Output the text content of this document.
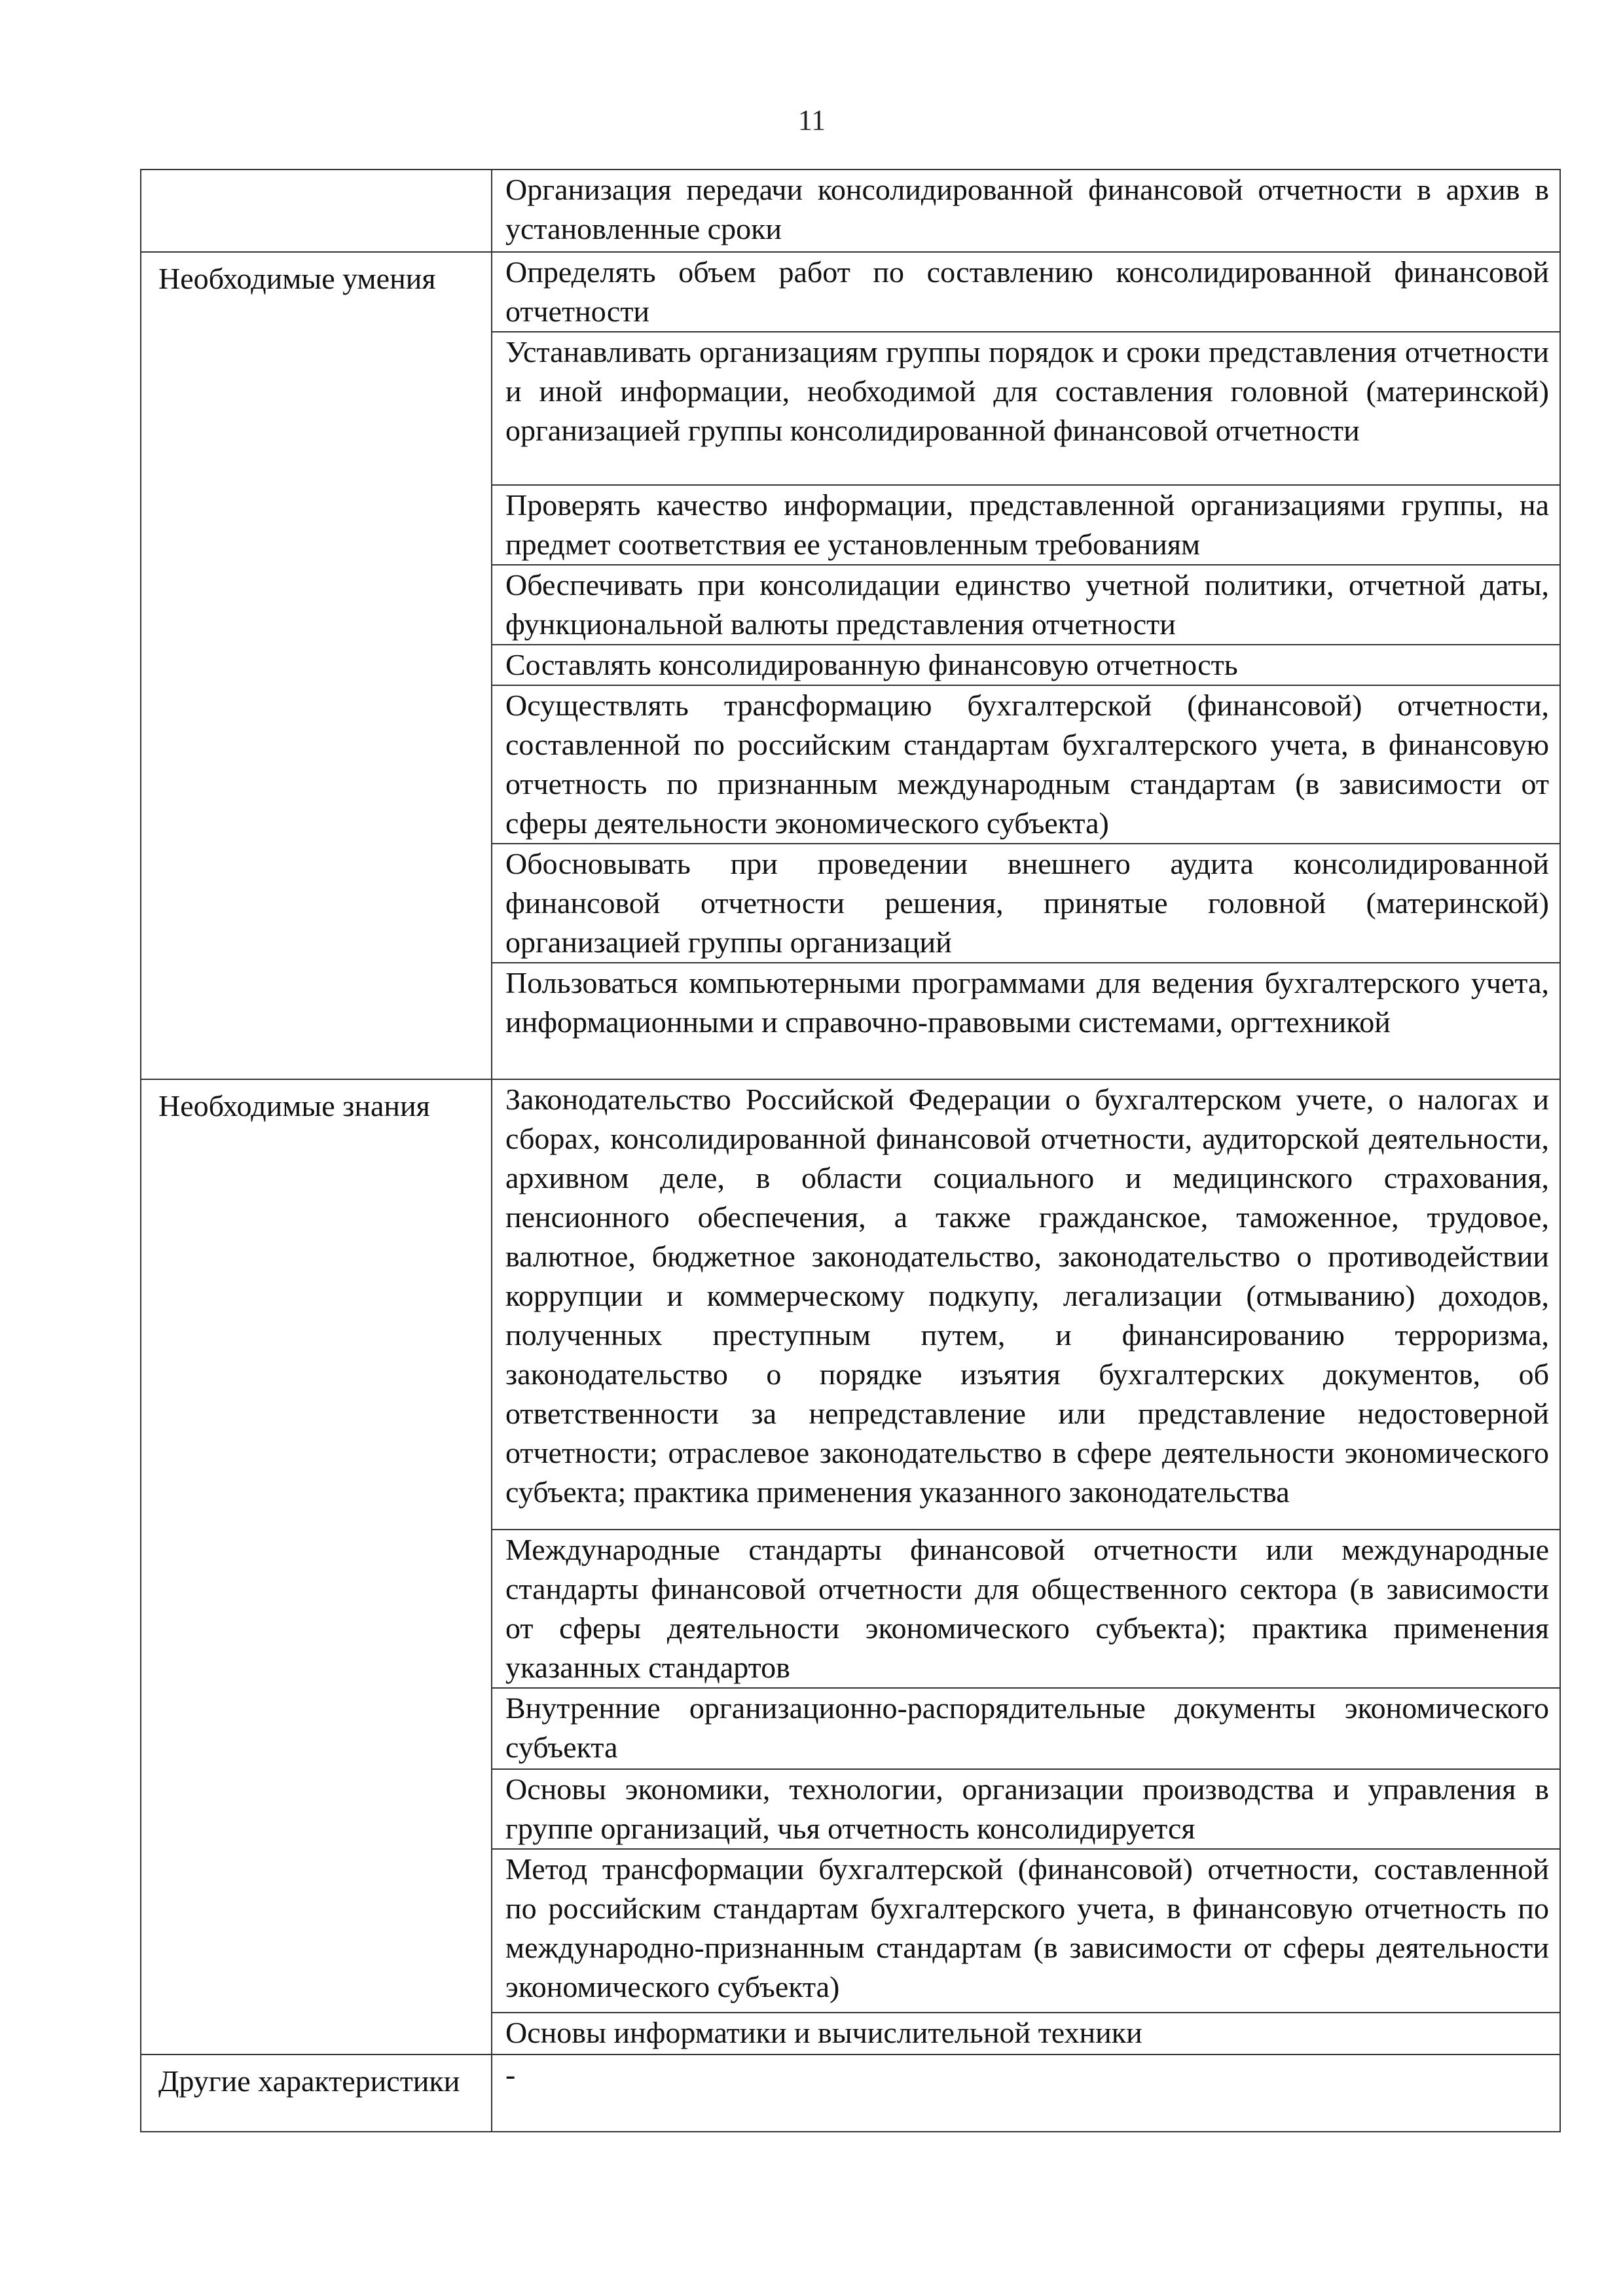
11
	Организация передачи консолидированной финансовой отчетности в архив в установленные сроки
Необходимые умения	Определять объем работ по составлению консолидированной финансовой отчетности
	Устанавливать организациям группы порядок и сроки представления отчетности и иной информации, необходимой для составления головной (материнской) организацией группы консолидированной финансовой отчетности
	Проверять качество информации, представленной организациями группы, на предмет соответствия ее установленным требованиям
	Обеспечивать при консолидации единство учетной политики, отчетной даты, функциональной валюты представления отчетности
	Составлять консолидированную финансовую отчетность
	Осуществлять трансформацию бухгалтерской (финансовой) отчетности, составленной по российским стандартам бухгалтерского учета, в финансовую отчетность по признанным международным стандартам (в зависимости от сферы деятельности экономического субъекта)
	Обосновывать при проведении внешнего аудита консолидированной финансовой отчетности решения, принятые головной (материнской) организацией группы организаций
	Пользоваться компьютерными программами для ведения бухгалтерского учета, информационными и справочно-правовыми системами, оргтехникой
Необходимые знания	Законодательство Российской Федерации о бухгалтерском учете, о налогах и сборах, консолидированной финансовой отчетности, аудиторской деятельности, архивном деле, в области социального и медицинского страхования, пенсионного обеспечения, а также гражданское, таможенное, трудовое, валютное, бюджетное законодательство, законодательство о противодействии коррупции и коммерческому подкупу, легализации (отмыванию) доходов, полученных преступным путем, и финансированию терроризма, законодательство о порядке изъятия бухгалтерских документов, об ответственности за непредставление или представление недостоверной отчетности; отраслевое законодательство в сфере деятельности экономического субъекта; практика применения указанного законодательства
	Международные стандарты финансовой отчетности или международные стандарты финансовой отчетности для общественного сектора (в зависимости от сферы деятельности экономического субъекта); практика применения указанных стандартов
	Внутренние организационно-распорядительные документы экономического субъекта
	Основы экономики, технологии, организации производства и управления в группе организаций, чья отчетность консолидируется
	Метод трансформации бухгалтерской (финансовой) отчетности, составленной по российским стандартам бухгалтерского учета, в финансовую отчетность по международно-признанным стандартам (в зависимости от сферы деятельности экономического субъекта)
	Основы информатики и вычислительной техники
Другие характеристики	-
